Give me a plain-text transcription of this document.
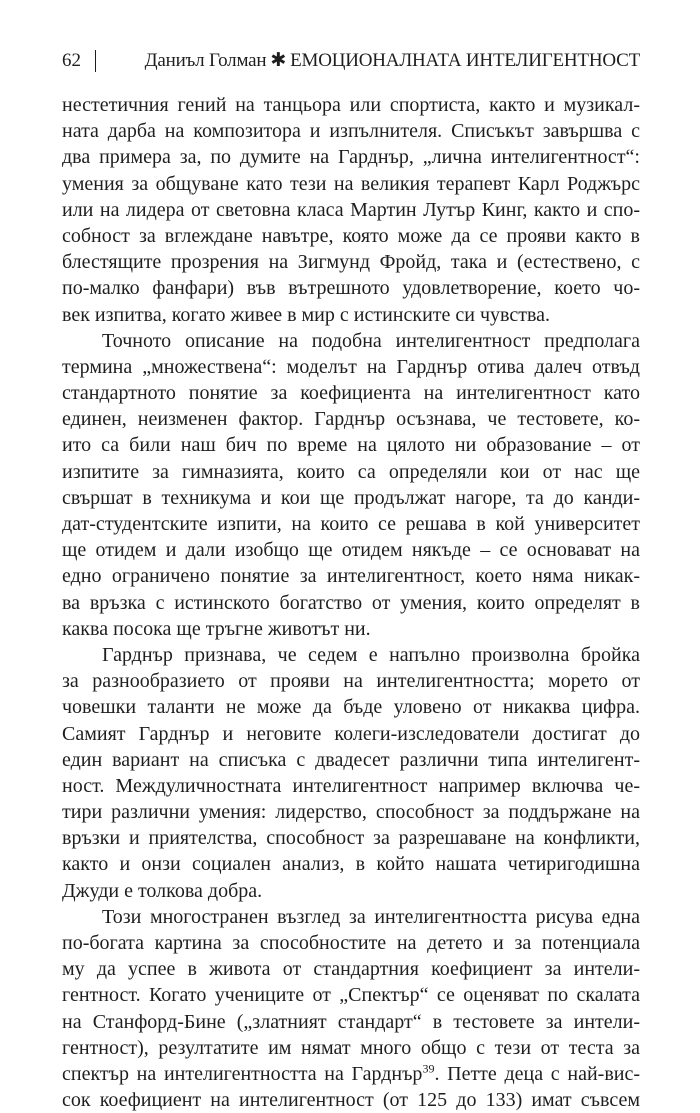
62	Даниъл Голман ✱ ЕМОЦИОНАЛНАТА ИНТЕЛИГЕНТНОСТ
нестетичния гений на танцьора или спортиста, както и музикал-
ната дарба на композитора и изпълнителя. Списъкът завършва с
два примера за, по думите на Гарднър, „лична интелигентност“:
умения за общуване като тези на великия терапевт Карл Роджърс
или на лидера от световна класа Мартин Лутър Кинг, както и спо-
собност за вглеждане навътре, която може да се прояви както в
блестящите прозрения на Зигмунд Фройд, така и (естествено, с
по-малко фанфари) във вътрешното удовлетворение, което чо-
век изпитва, когато живее в мир с истинските си чувства.
Точното описание на подобна интелигентност предполага
термина „множествена“: моделът на Гарднър отива далеч отвъд
стандартното понятие за коефициента на интелигентност като
единен, неизменен фактор. Гарднър осъзнава, че тестовете, ко-
ито са били наш бич по време на цялото ни образование – от
изпитите за гимназията, които са определяли кои от нас ще
свършат в техникума и кои ще продължат нагоре, та до канди-
дат-студентските изпити, на които се решава в кой университет
ще отидем и дали изобщо ще отидем някъде – се основават на
едно ограничено понятие за интелигентност, което няма никак-
ва връзка с истинското богатство от умения, които определят в
каква посока ще тръгне животът ни.
Гарднър признава, че седем е напълно произволна бройка
за разнообразието от прояви на интелигентността; морето от
човешки таланти не може да бъде уловено от никаква цифра.
Самият Гарднър и неговите колеги-изследователи достигат до
един вариант на списъка с двадесет различни типа интелигент-
ност. Междуличностната интелигентност например включва че-
тири различни умения: лидерство, способност за поддържане на
връзки и приятелства, способност за разрешаване на конфликти,
както и онзи социален анализ, в който нашата четиригодишна
Джуди е толкова добра.
Този многостранен възглед за интелигентността рисува една
по-богата картина за способностите на детето и за потенциала
му да успее в живота от стандартния коефициент за интели-
гентност. Когато учениците от „Спектър“ се оценяват по скалата
на Станфорд-Бине („златният стандарт“ в тестовете за интели-
гентност), резултатите им нямат много общо с тези от теста за
спектър на интелигентността на Гарднър$^{39}$. Петте деца с най-вис-
сок коефициент на интелигентност (от 125 до 133) имат съвсем
